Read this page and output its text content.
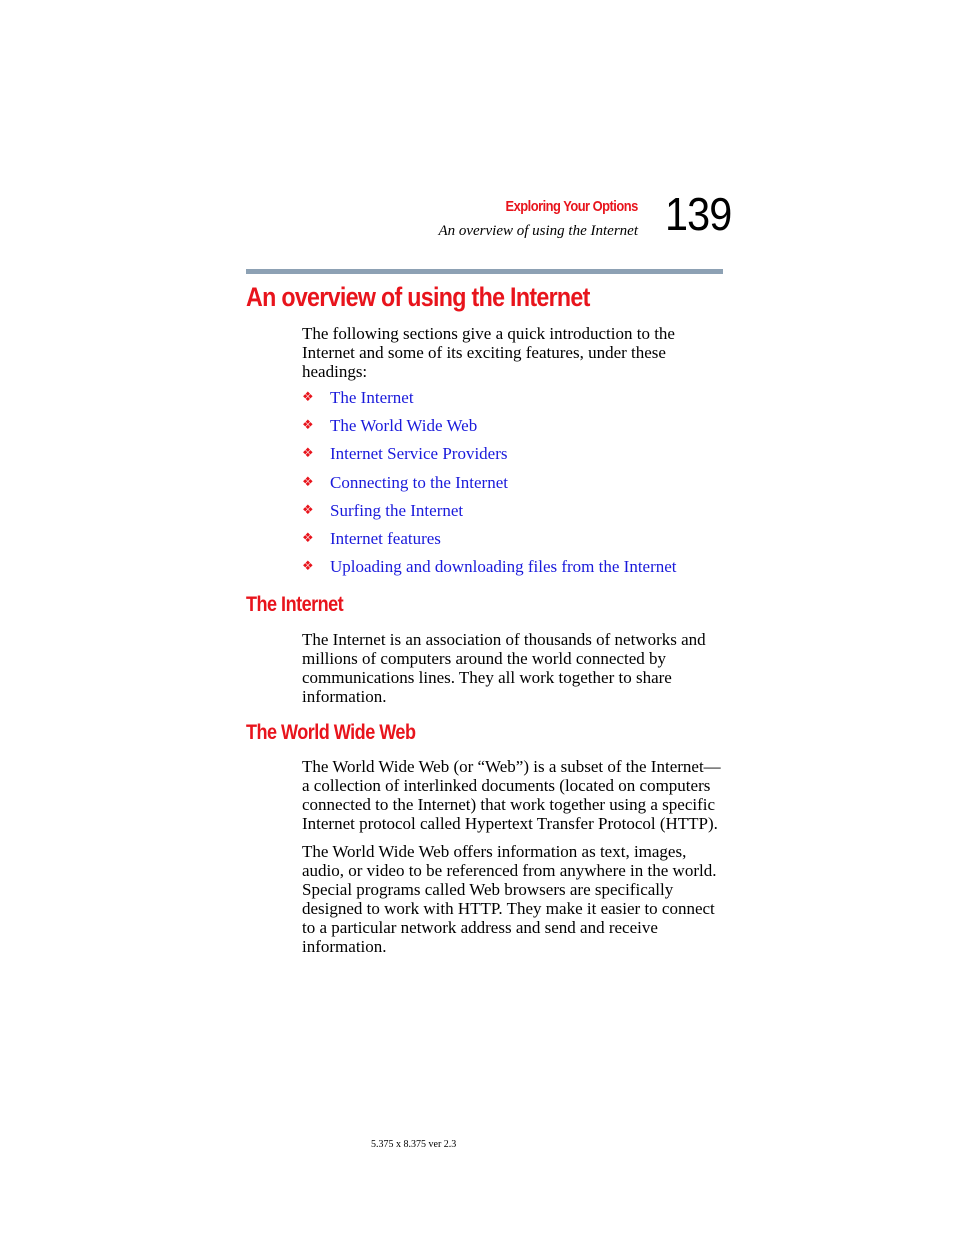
Exploring Your Options
An overview of using the Internet 139
An overview of using the Internet

The following sections give a quick introduction to the
Internet and some of its exciting features, under these
headings:

❖ The Internet
❖ The World Wide Web
❖ Internet Service Providers
❖ Connecting to the Internet
❖ Surfing the Internet
❖ Internet features
❖ Uploading and downloading files from the Internet
The Internet

The Internet is an association of thousands of networks and
millions of computers around the world connected by
communications lines. They all work together to share
information.

The World Wide Web

The World Wide Web (or “Web”) is a subset of the Internet—
a collection of interlinked documents (located on computers
connected to the Internet) that work together using a specific
Internet protocol called Hypertext Transfer Protocol (HTTP).

The World Wide Web offers information as text, images,
audio, or video to be referenced from anywhere in the world.
Special programs called Web browsers are specifically
designed to work with HTTP. They make it easier to connect
to a particular network address and send and receive
information.

5.375 x 8.375 ver 2.3
